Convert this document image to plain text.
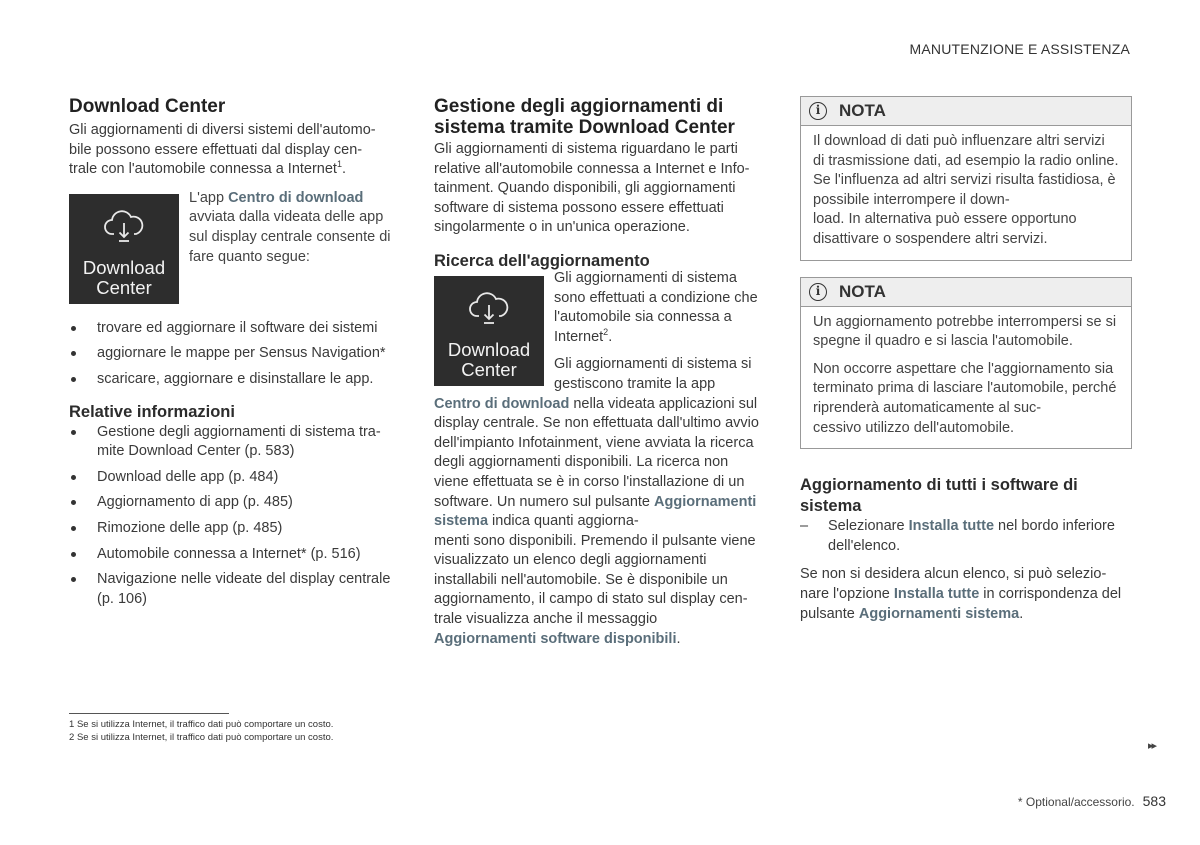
MANUTENZIONE E ASSISTENZA
Download Center

Gli aggiornamenti di diversi sistemi dell'automo-
bile possono essere effettuati dal display cen-
trale con l'automobile connessa a Internet$^1$.

Download
Center

L'app Centro di download avviata dalla videata delle app sul display centrale consente di fare quanto segue:

trovare ed aggiornare il software dei sistemi
aggiornare le mappe per Sensus Navigation*
scaricare, aggiornare e disinstallare le app.
Relative informazioni
Gestione degli aggiornamenti di sistema tra-
mite Download Center (p. 583)
Download delle app (p. 484)
Aggiornamento di app (p. 485)
Rimozione delle app (p. 485)
Automobile connessa a Internet* (p. 516)
Navigazione nelle videate del display centrale
(p. 106)
Gestione degli aggiornamenti di sistema tramite Download Center

Gli aggiornamenti di sistema riguardano le parti relative all'automobile connessa a Internet e Info-
tainment. Quando disponibili, gli aggiornamenti software di sistema possono essere effettuati singolarmente o in un'unica operazione.

Ricerca dell'aggiornamento
Download
Center

Gli aggiornamenti di sistema sono effettuati a condizione che l'automobile sia connessa a Internet$^2$.

Gli aggiornamenti di sistema si gestiscono tramite la app

Centro di download nella videata applicazioni sul display centrale. Se non effettuata dall'ultimo avvio dell'impianto Infotainment, viene avviata la ricerca degli aggiornamenti disponibili. La ricerca non viene effettuata se è in corso l'installazione di un software. Un numero sul pulsante Aggiornamenti sistema indica quanti aggiorna-
menti sono disponibili. Premendo il pulsante viene visualizzato un elenco degli aggiornamenti installabili nell'automobile. Se è disponibile un aggiornamento, il campo di stato sul display cen-
trale visualizza anche il messaggio
Aggiornamenti software disponibili.

i	NOTA

Il download di dati può influenzare altri servizi di trasmissione dati, ad esempio la radio online. Se l'influenza ad altri servizi risulta fastidiosa, è possibile interrompere il down-
load. In alternativa può essere opportuno disattivare o sospendere altri servizi.

i	NOTA

Un aggiornamento potrebbe interrompersi se si spegne il quadro e si lascia l'automobile.

Non occorre aspettare che l'aggiornamento sia terminato prima di lasciare l'automobile, perché riprenderà automaticamente al suc-
cessivo utilizzo dell'automobile.

Aggiornamento di tutti i software di sistema
–	Selezionare Installa tutte nel bordo inferiore dell'elenco.

Se non si desidera alcun elenco, si può selezio-
nare l'opzione Installa tutte in corrispondenza del pulsante Aggiornamenti sistema.

1 Se si utilizza Internet, il traffico dati può comportare un costo.
2 Se si utilizza Internet, il traffico dati può comportare un costo.
▸▸
* Optional/accessorio. 583
